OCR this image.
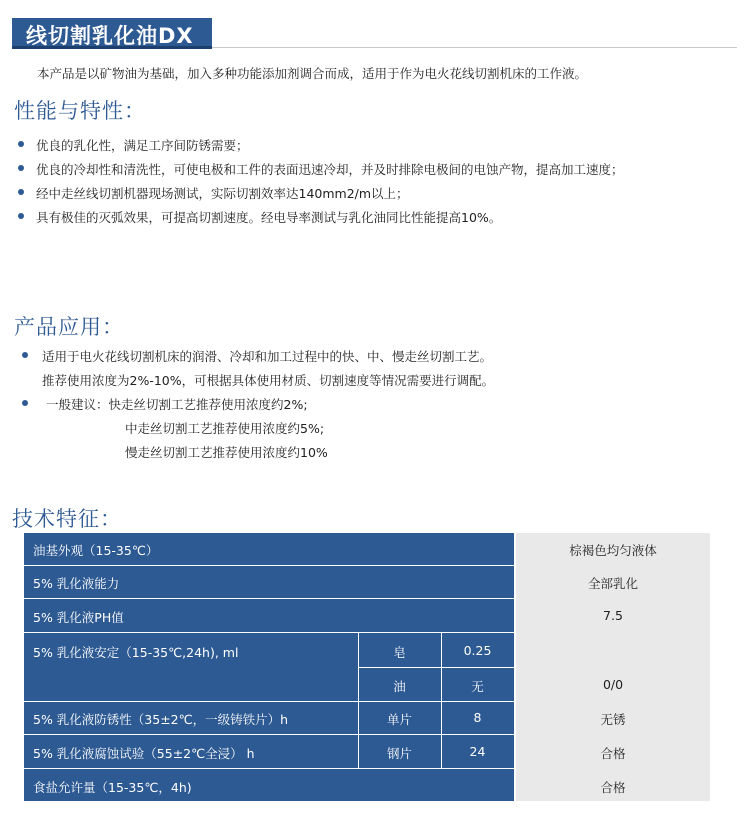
线切割乳化油DX
本产品是以矿物油为基础，加入多种功能添加剂调合而成，适用于作为电火花线切割机床的工作液。
性能与特性：
优良的乳化性，满足工序间防锈需要；
优良的冷却性和清洗性，可使电极和工件的表面迅速冷却，并及时排除电极间的电蚀产物，提高加工速度；
经中走丝线切割机器现场测试，实际切割效率达140mm2/m以上；
具有极佳的灭弧效果，可提高切割速度。经电导率测试与乳化油同比性能提高10%。
产品应用：
适用于电火花线切割机床的润滑、冷却和加工过程中的快、中、慢走丝切割工艺。
推荐使用浓度为2%-10%，可根据具体使用材质、切割速度等情况需要进行调配。
一般建议：快走丝切割工艺推荐使用浓度约2%;
中走丝切割工艺推荐使用浓度约5%;
慢走丝切割工艺推荐使用浓度约10%
技术特征：
油基外观（15-35℃）	棕褐色均匀液体
5% 乳化液能力	全部乳化
5% 乳化液PH值	7.5
5% 乳化液安定（15-35℃,24h), ml	皂	0.25
油	无	0/0
5% 乳化液防锈性（35±2℃，一级铸铁片）h	单片	8	无锈
5% 乳化液腐蚀试验（55±2℃全浸） h	钢片	24	合格
食盐允许量（15-35℃，4h)	合格
